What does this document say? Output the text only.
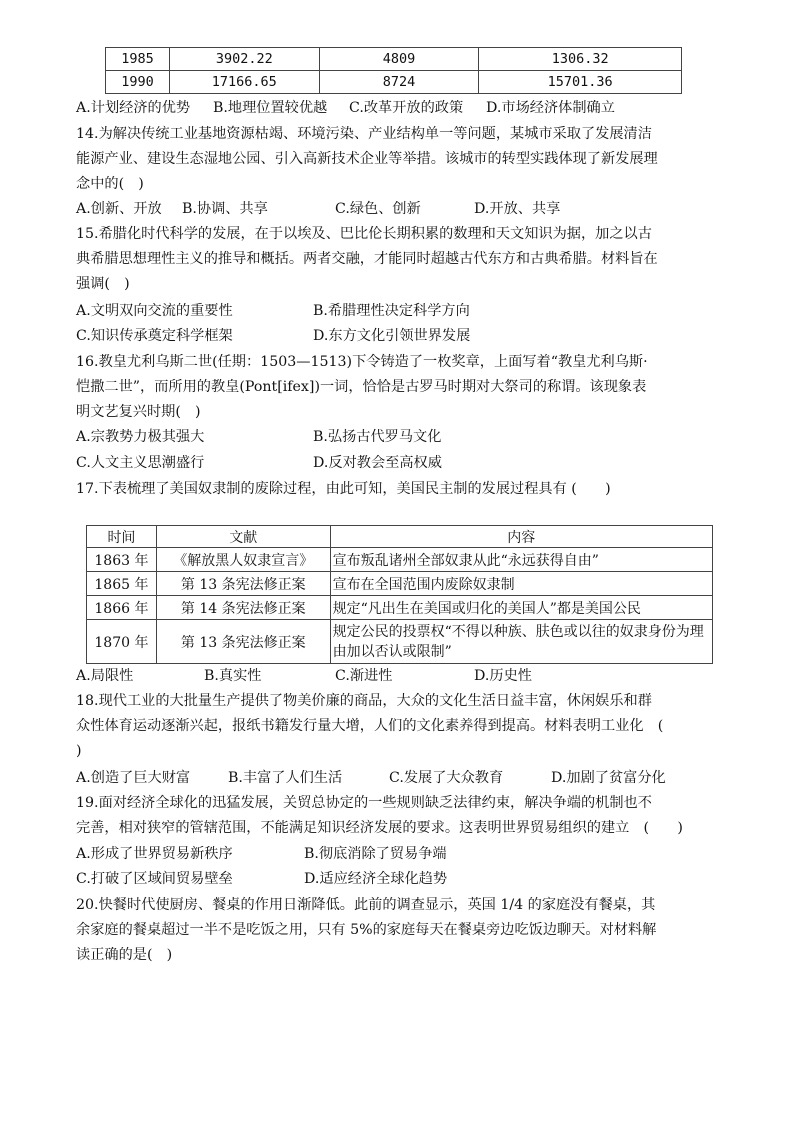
1985	3902.22	4809	1306.32
1990	17166.65	8724	15701.36
A.计划经济的优势 B.地理位置较优越 C.改革开放的政策 D.市场经济体制确立
14.为解决传统工业基地资源枯竭、环境污染、产业结构单一等问题，某城市采取了发展清洁
能源产业、建设生态湿地公园、引入高新技术企业等举措。该城市的转型实践体现了新发展理
念中的(　)
A.创新、开放 B.协调、共享	C.绿色、创新	D.开放、共享
15.希腊化时代科学的发展，在于以埃及、巴比伦长期积累的数理和天文知识为据，加之以古
典希腊思想理性主义的推导和概括。两者交融，才能同时超越古代东方和古典希腊。材料旨在
强调(　)
A.文明双向交流的重要性	B.希腊理性决定科学方向
C.知识传承奠定科学框架	D.东方文化引领世界发展
16.教皇尤利乌斯二世(任期：1503—1513)下令铸造了一枚奖章，上面写着“教皇尤利乌斯·
恺撒二世”，而所用的教皇(Pont[ifex])一词，恰恰是古罗马时期对大祭司的称谓。该现象表
明文艺复兴时期(　)
A.宗教势力极其强大	B.弘扬古代罗马文化
C.人文主义思潮盛行	D.反对教会至高权威
17.下表梳理了美国奴隶制的废除过程，由此可知，美国民主制的发展过程具有 (　　)
时间	文献	内容
1863 年	《解放黑人奴隶宣言》	宣布叛乱诸州全部奴隶从此“永远获得自由”
1865 年	第 13 条宪法修正案	宣布在全国范围内废除奴隶制
1866 年	第 14 条宪法修正案	规定“凡出生在美国或归化的美国人”都是美国公民
1870 年	第 13 条宪法修正案	规定公民的投票权“不得以种族、肤色或以往的奴隶身份为理由加以否认或限制”
A.局限性	B.真实性	C.渐进性	D.历史性
18.现代工业的大批量生产提供了物美价廉的商品，大众的文化生活日益丰富，休闲娱乐和群
众性体育运动逐渐兴起，报纸书籍发行量大增，人们的文化素养得到提高。材料表明工业化　(
)
A.创造了巨大财富	B.丰富了人们生活	C.发展了大众教育	D.加剧了贫富分化
19.面对经济全球化的迅猛发展，关贸总协定的一些规则缺乏法律约束，解决争端的机制也不
完善，相对狭窄的管辖范围，不能满足知识经济发展的要求。这表明世界贸易组织的建立　(　　)
A.形成了世界贸易新秩序	B.彻底消除了贸易争端
C.打破了区域间贸易壁垒	D.适应经济全球化趋势
20.快餐时代使厨房、餐桌的作用日渐降低。此前的调查显示，英国 1/4 的家庭没有餐桌，其
余家庭的餐桌超过一半不是吃饭之用，只有 5%的家庭每天在餐桌旁边吃饭边聊天。对材料解
读正确的是(　)
